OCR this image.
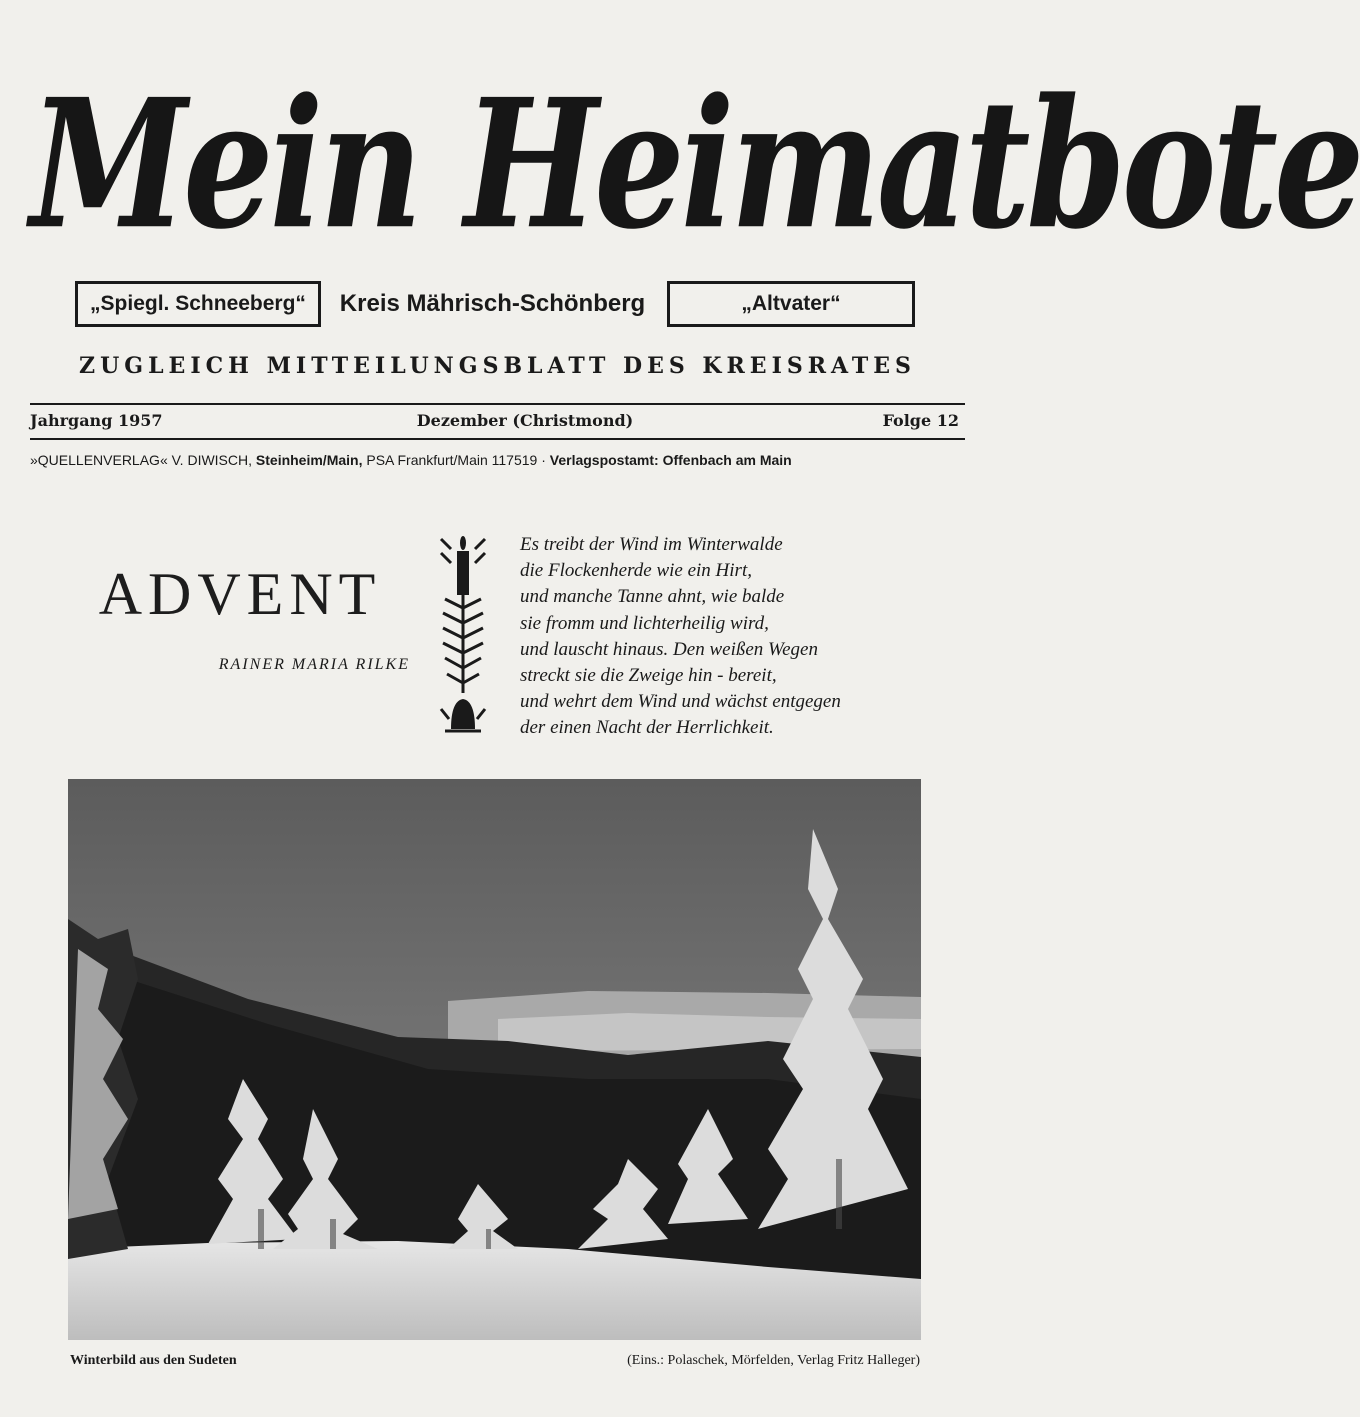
Mein Heimatbote
„Spiegl. Schneeberg“	Kreis Mährisch-Schönberg	„Altvater“
ZUGLEICH MITTEILUNGSBLATT DES KREISRATES
Jahrgang 1957	Dezember (Christmond)	Folge 12
»QUELLENVERLAG« V. DIWISCH, Steinheim/Main, PSA Frankfurt/Main 117519 · Verlagspostamt: Offenbach am Main
ADVENT
RAINER MARIA RILKE
Es treibt der Wind im Winterwalde
die Flockenherde wie ein Hirt,
und manche Tanne ahnt, wie balde
sie fromm und lichterheilig wird,
und lauscht hinaus. Den weißen Wegen
streckt sie die Zweige hin - bereit,
und wehrt dem Wind und wächst entgegen
der einen Nacht der Herrlichkeit.
Winterbild aus den Sudeten	(Eins.: Polaschek, Mörfelden, Verlag Fritz Halleger)
